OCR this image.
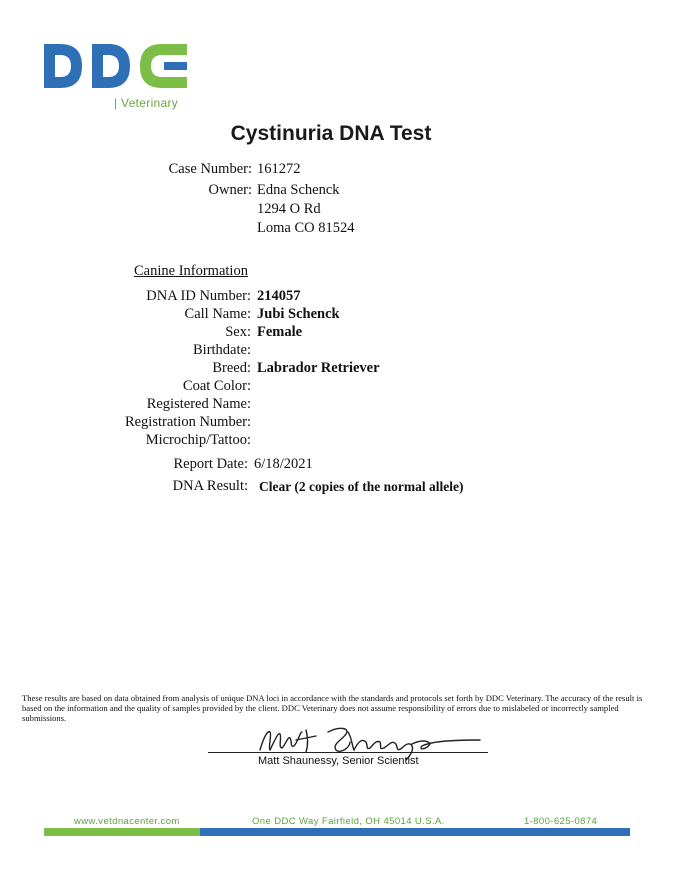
| Veterinary
Cystinuria DNA Test
Case Number: 161272
Owner: Edna Schenck
1294 O Rd
Loma CO 81524
Canine Information
DNA ID Number: 214057
Call Name: Jubi Schenck
Sex: Female
Birthdate:
Breed: Labrador Retriever
Coat Color:
Registered Name:
Registration Number:
Microchip/Tattoo:
Report Date: 6/18/2021
DNA Result: Clear (2 copies of the normal allele)
These results are based on data obtained from analysis of unique DNA loci in accordance with the standards and protocols set forth by DDC Veterinary. The accuracy of the result is based on the information and the quality of samples provided by the client. DDC Veterinary does not assume responsibility of errors due to mislabeled or incorrectly sampled submissions.
Matt Shaunessy, Senior Scientist
www.vetdnacenter.com	One DDC Way Fairfield, OH 45014 U.S.A.	1-800-625-0874
